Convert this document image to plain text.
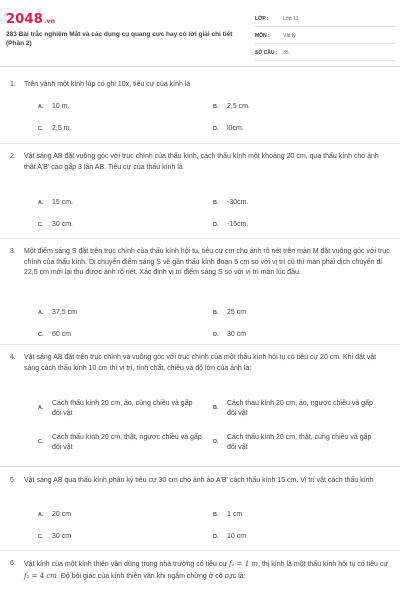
2048.vn
283 Bài trắc nghiệm Mắt và các dụng cụ quang cực hay có lời giải chi tiết (Phần 2)
LỚP :	Lớp 11
MÔN :	Vật lý
SỐ CÂU : 35
1. Trên vành một kính lúp có ghi 10x, tiêu cự của kính là
A. 10 m.	B. 2,5 cm.
C. 2,5 m.	D. l0cm.
2. Vật sáng AB đặt vuông góc với trục chính của thấu kính, cách thấu kính một khoảng 20 cm, qua thấu kính cho ảnh thật A'B' cao gấp 3 lần AB. Tiêu cự của thấu kính là
A. 15 cm.	B. -30cm.
C. 30 cm.	D. -15cm.
3. Một điểm sáng S đặt trên trục chính của thấu kính hội tụ, tiêu cự cm cho ảnh rõ nét trên màn M đặt vuông góc với trục chính của thấu kính. Di chuyển điểm sáng S về gần thấu kính đoạn 5 cm so với vị trí cũ thì màn phải dịch chuyển đi 22,5 cm mới lại thu được ảnh rõ nét. Xác định vị trí điểm sáng S so với vị trí màn lúc đầu.
A. 37,5 cm	B. 25 cm
C. 60 cm	D. 30 cm
4. Vật sáng AB đặt trên trục chính và vuông góc với trục chính của một thấu kính hội tụ có tiêu cự 20 cm. Khi đặt vật sáng cách thấu kính 10 cm thì vị trí, tính chất, chiều và độ lớn của ảnh là:
A.
Cách thấu kính 20 cm, ảo, cùng chiều và gấp đôi vật
B.
Cách thau kính 20 cm, ảo, ngược chiều và gấp đôi vật
C.
Cách thấu kính 20 cm, thật, ngược chiều và gấp đôi vật
D.
Cách thấu kính 20 cm, thật, cùng chiều và gấp đôi vật
5. Vật sáng AB qua thấu kính phân kỳ tiêu cự 30 cm cho ảnh ảo A'B' cách thấu kính 15 cm. Vị trí vật cách thấu kính
A. 20 cm	B. 1 cm
C. 30 cm	D. 10 cm
6. Vật kính của một kính thiên văn dùng trong nhà trường có tiêu cự f₁ = 1 m, thị kính là một thấu kính hội tụ có tiêu cự f₂ = 4 cm. Độ bội giác của kính thiên văn khi ngắm chừng ở cô cực là:
